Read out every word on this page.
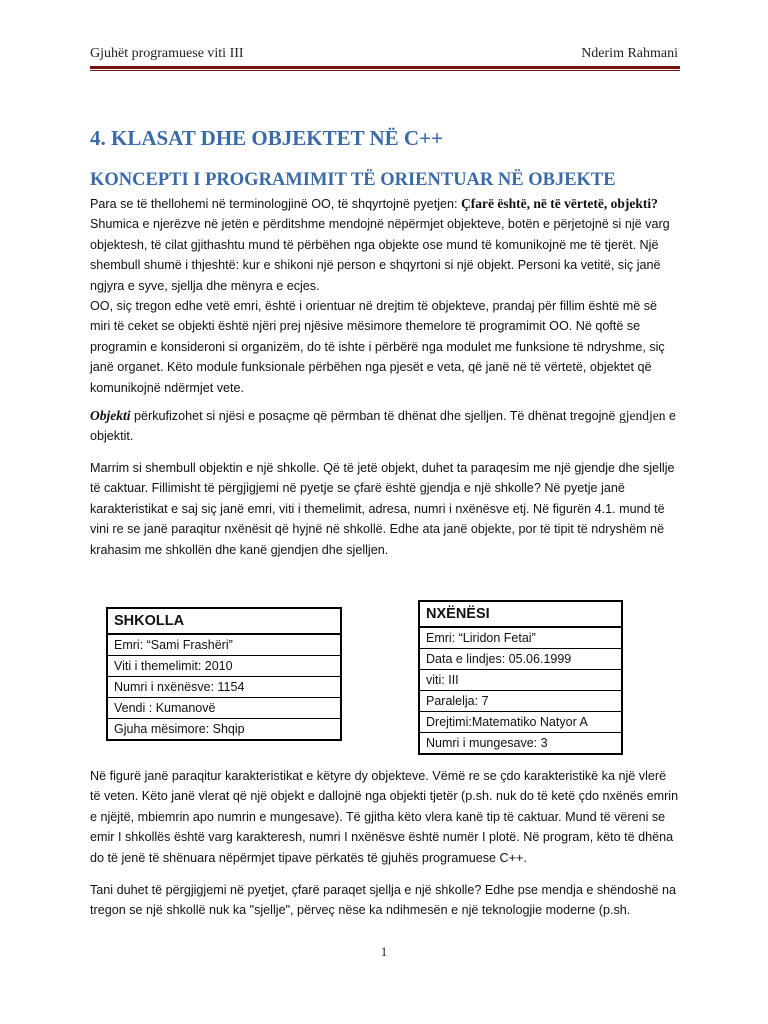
Gjuhët programuese viti III	Nderim Rahmani
4. KLASAT DHE OBJEKTET NË C++
KONCEPTI I PROGRAMIMIT TË ORIENTUAR NË OBJEKTE

Para se të thellohemi në terminologjinë OO, të shqyrtojnë pyetjen: Çfarë është, në të vërtetë, objekti? Shumica e njerëzve në jetën e përditshme mendojnë nëpërmjet objekteve, botën e përjetojnë si një varg objektesh, të cilat gjithashtu mund të përbëhen nga objekte ose mund të komunikojnë me të tjerët. Një shembull shumë i thjeshtë: kur e shikoni një person e shqyrtoni si një objekt. Personi ka vetitë, siç janë ngjyra e syve, sjellja dhe mënyra e ecjes.

OO, siç tregon edhe vetë emri, është i orientuar në drejtim të objekteve, prandaj për fillim është më së miri të ceket se objekti është njëri prej njësive mësimore themelore të programimit OO. Në qoftë se programin e konsideroni si organizëm, do të ishte i përbërë nga modulet me funksione të ndryshme, siç janë organet. Këto module funksionale përbëhen nga pjesët e veta, që janë në të vërtetë, objektet që komunikojnë ndërmjet vete.

Objekti përkufizohet si njësi e posaçme që përmban të dhënat dhe sjelljen. Të dhënat tregojnë gjendjen e objektit.

Marrim si shembull objektin e një shkolle. Që të jetë objekt, duhet ta paraqesim me një gjendje dhe sjellje të caktuar. Fillimisht të përgjigjemi në pyetje se çfarë është gjendja e një shkolle? Në pyetje janë karakteristikat e saj siç janë emri, viti i themelimit, adresa, numri i nxënësve etj. Në figurën 4.1. mund të vini re se janë paraqitur nxënësit që hyjnë në shkollë. Edhe ata janë objekte, por të tipit të ndryshëm në krahasim me shkollën dhe kanë gjendjen dhe sjelljen.
SHKOLLA
Emri: “Sami Frashëri”
Viti i themelimit: 2010
Numri i nxënësve: 1154
Vendi : Kumanovë
Gjuha mësimore: Shqip
NXËNËSI
Emri: “Liridon Fetai”
Data e lindjes: 05.06.1999
viti: III
Paralelja: 7
Drejtimi:Matematiko Natyor A
Numri i mungesave: 3
Në figurë janë paraqitur karakteristikat e këtyre dy objekteve. Vëmë re se çdo karakteristikë ka një vlerë të veten. Këto janë vlerat që një objekt e dallojnë nga objekti tjetër (p.sh. nuk do të ketë çdo nxënës emrin e njëjtë, mbiemrin apo numrin e mungesave). Të gjitha këto vlera kanë tip të caktuar. Mund të vëreni se emir I shkollës është varg karakteresh, numri I nxënësve është numër I plotë. Në program, këto të dhëna do të jenë të shënuara nëpërmjet tipave përkatës të gjuhës programuese C++.
Tani duhet të përgjigjemi në pyetjet, çfarë paraqet sjellja e një shkolle? Edhe pse mendja e shëndoshë na tregon se një shkollë nuk ka "sjellje", përveç nëse ka ndihmesën e një teknologjie moderne (p.sh.
1
